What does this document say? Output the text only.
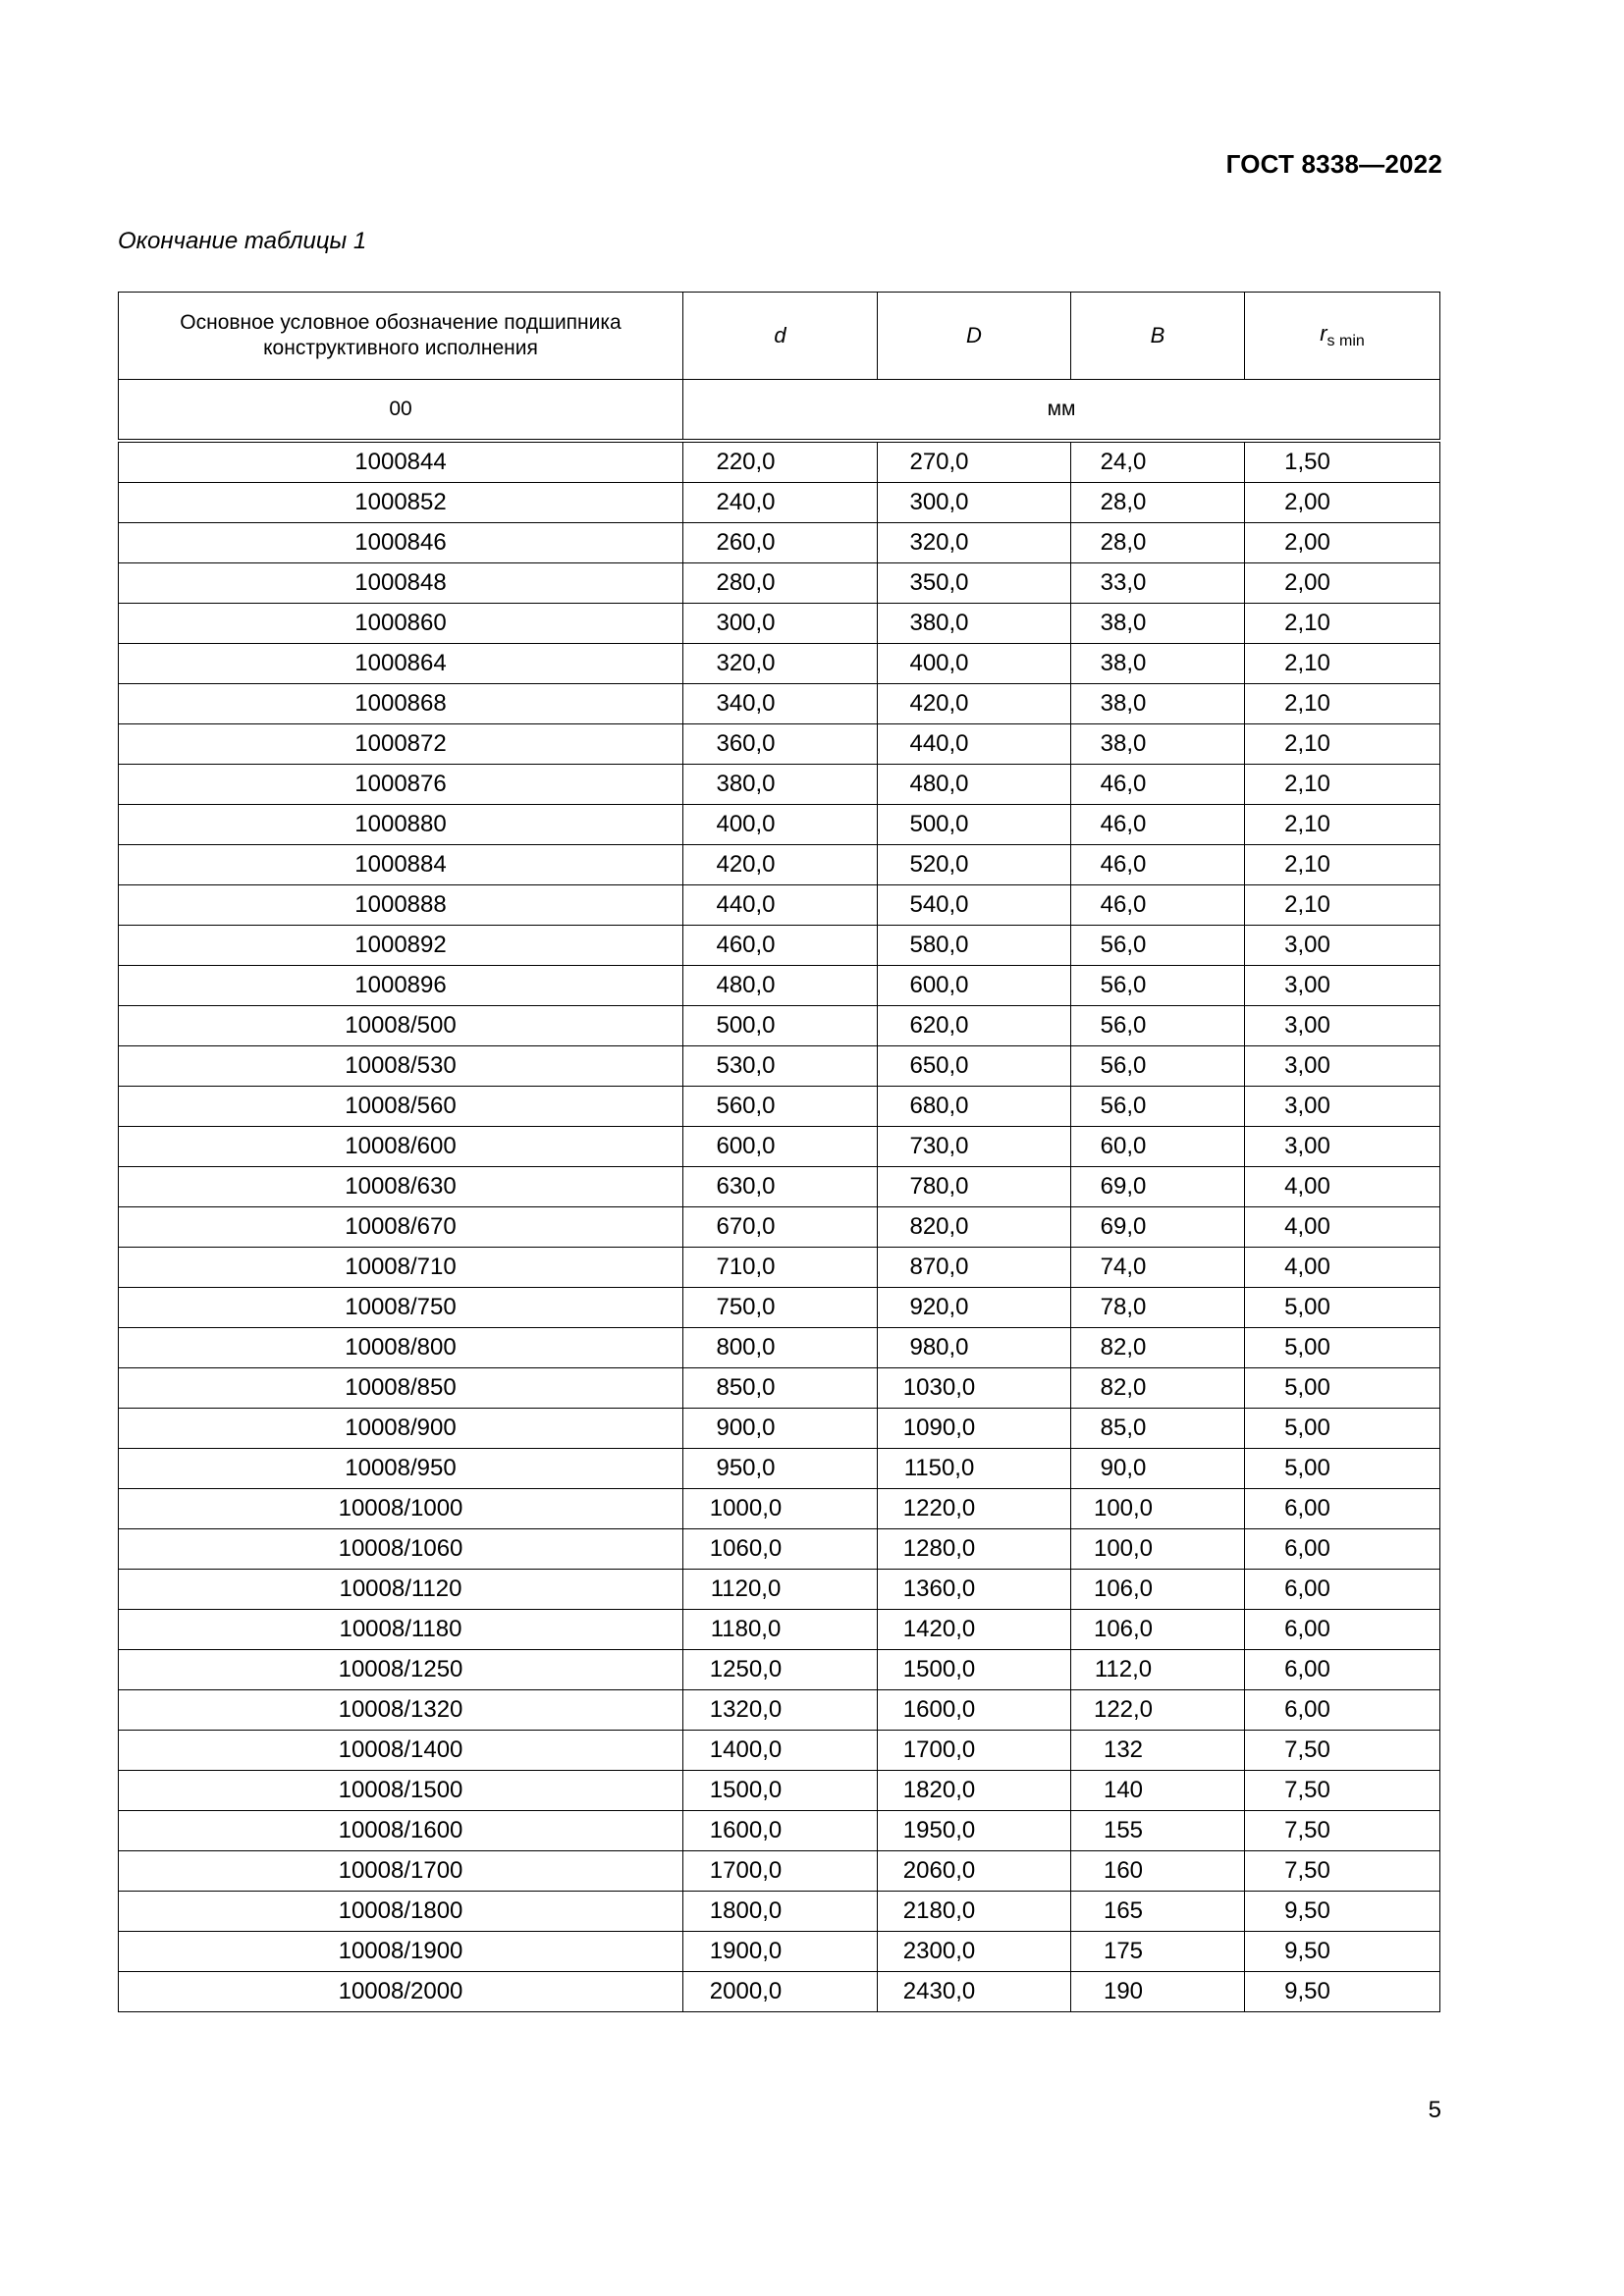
ГОСТ 8338—2022
Окончание таблицы 1
Основное условное обозначение подшипника конструктивного исполнения	d	D	B	$r_{s min}$
00	мм			
1000844	220,0	270,0	24,0	1,50
1000852	240,0	300,0	28,0	2,00
1000846	260,0	320,0	28,0	2,00
1000848	280,0	350,0	33,0	2,00
1000860	300,0	380,0	38,0	2,10
1000864	320,0	400,0	38,0	2,10
1000868	340,0	420,0	38,0	2,10
1000872	360,0	440,0	38,0	2,10
1000876	380,0	480,0	46,0	2,10
1000880	400,0	500,0	46,0	2,10
1000884	420,0	520,0	46,0	2,10
1000888	440,0	540,0	46,0	2,10
1000892	460,0	580,0	56,0	3,00
1000896	480,0	600,0	56,0	3,00
10008/500	500,0	620,0	56,0	3,00
10008/530	530,0	650,0	56,0	3,00
10008/560	560,0	680,0	56,0	3,00
10008/600	600,0	730,0	60,0	3,00
10008/630	630,0	780,0	69,0	4,00
10008/670	670,0	820,0	69,0	4,00
10008/710	710,0	870,0	74,0	4,00
10008/750	750,0	920,0	78,0	5,00
10008/800	800,0	980,0	82,0	5,00
10008/850	850,0	1030,0	82,0	5,00
10008/900	900,0	1090,0	85,0	5,00
10008/950	950,0	1150,0	90,0	5,00
10008/1000	1000,0	1220,0	100,0	6,00
10008/1060	1060,0	1280,0	100,0	6,00
10008/1120	1120,0	1360,0	106,0	6,00
10008/1180	1180,0	1420,0	106,0	6,00
10008/1250	1250,0	1500,0	112,0	6,00
10008/1320	1320,0	1600,0	122,0	6,00
10008/1400	1400,0	1700,0	132	7,50
10008/1500	1500,0	1820,0	140	7,50
10008/1600	1600,0	1950,0	155	7,50
10008/1700	1700,0	2060,0	160	7,50
10008/1800	1800,0	2180,0	165	9,50
10008/1900	1900,0	2300,0	175	9,50
10008/2000	2000,0	2430,0	190	9,50
5
